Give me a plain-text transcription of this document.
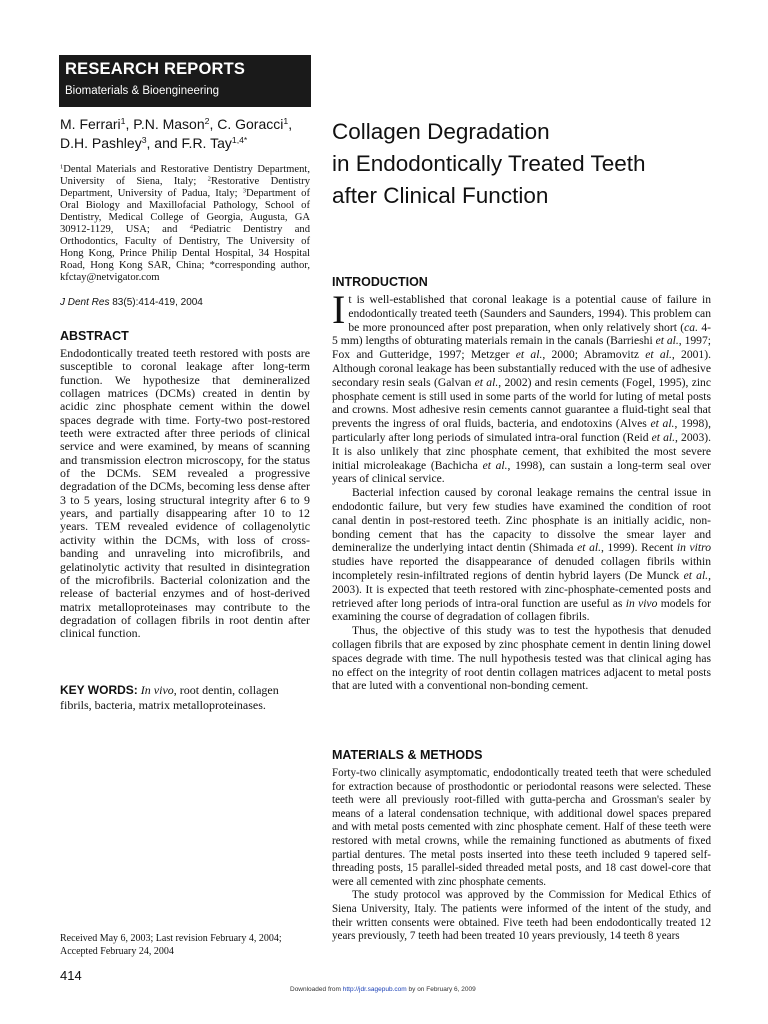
RESEARCH REPORTS
Biomaterials & Bioengineering
M. Ferrari$^1$, P.N. Mason$^2$, C. Goracci$^1$,
D.H. Pashley$^3$, and F.R. Tay$^{1,4*}$

$^1$Dental Materials and Restorative Dentistry Department, University of Siena, Italy; $^2$Restorative Dentistry Department, University of Padua, Italy; $^3$Department of Oral Biology and Maxillofacial Pathology, School of Dentistry, Medical College of Georgia, Augusta, GA 30912-1129, USA; and $^4$Pediatric Dentistry and Orthodontics, Faculty of Dentistry, The University of Hong Kong, Prince Philip Dental Hospital, 34 Hospital Road, Hong Kong SAR, China; *corresponding author, kfctay@netvigator.com

J Dent Res 83(5):414-419, 2004
ABSTRACT

Endodontically treated teeth restored with posts are susceptible to coronal leakage after long-term function. We hypothesize that demineralized collagen matrices (DCMs) created in dentin by acidic zinc phosphate cement within the dowel spaces degrade with time. Forty-two post-restored teeth were extracted after three periods of clinical service and were examined, by means of scanning and transmission electron microscopy, for the status of the DCMs. SEM revealed a progressive degradation of the DCMs, becoming less dense after 3 to 5 years, losing structural integrity after 6 to 9 years, and partially disappearing after 10 to 12 years. TEM revealed evidence of collagenolytic activity within the DCMs, with loss of cross-banding and unraveling into microfibrils, and gelatinolytic activity that resulted in disintegration of the microfibrils. Bacterial colonization and the release of bacterial enzymes and of host-derived matrix metalloproteinases may contribute to the degradation of collagen fibrils in root dentin after clinical function.

KEY WORDS: In vivo, root dentin, collagen fibrils, bacteria, matrix metalloproteinases.

Received May 6, 2003; Last revision February 4, 2004;

Accepted February 24, 2004

Collagen Degradation

in Endodontically Treated Teeth

after Clinical Function

INTRODUCTION

It is well-established that coronal leakage is a potential cause of failure in endodontically treated teeth (Saunders and Saunders, 1994). This problem can be more pronounced after post preparation, when only relatively short (ca. 4-5 mm) lengths of obturating materials remain in the canals (Barrieshi et al., 1997; Fox and Gutteridge, 1997; Metzger et al., 2000; Abramovitz et al., 2001). Although coronal leakage has been substantially reduced with the use of adhesive secondary resin seals (Galvan et al., 2002) and resin cements (Fogel, 1995), zinc phosphate cement is still used in some parts of the world for luting of metal posts and crowns. Most adhesive resin cements cannot guarantee a fluid-tight seal that prevents the ingress of oral fluids, bacteria, and endotoxins (Alves et al., 1998), particularly after long periods of simulated intra-oral function (Reid et al., 2003). It is also unlikely that zinc phosphate cement, that exhibited the most severe initial microleakage (Bachicha et al., 1998), can sustain a long-term seal over years of clinical service.

Bacterial infection caused by coronal leakage remains the central issue in endodontic failure, but very few studies have examined the condition of root canal dentin in post-restored teeth. Zinc phosphate is an initially acidic, non-bonding cement that has the capacity to dissolve the smear layer and demineralize the underlying intact dentin (Shimada et al., 1999). Recent in vitro studies have reported the disappearance of denuded collagen fibrils within incompletely resin-infiltrated regions of dentin hybrid layers (De Munck et al., 2003). It is expected that teeth restored with zinc-phosphate-cemented posts and retrieved after long periods of intra-oral function are useful as in vivo models for examining the course of degradation of collagen fibrils.

Thus, the objective of this study was to test the hypothesis that denuded collagen fibrils that are exposed by zinc phosphate cement in dentin lining dowel spaces degrade with time. The null hypothesis tested was that clinical aging has no effect on the integrity of root dentin collagen matrices adjacent to metal posts that are luted with a conventional non-bonding cement.

MATERIALS & METHODS

Forty-two clinically asymptomatic, endodontically treated teeth that were scheduled for extraction because of prosthodontic or periodontal reasons were selected. These teeth were all previously root-filled with gutta-percha and Grossman's sealer by means of a lateral condensation technique, with additional dowel spaces prepared and with metal posts cemented with zinc phosphate cement. Half of these teeth were restored with metal crowns, while the remaining functioned as abutments of fixed partial dentures. The metal posts inserted into these teeth included 9 tapered self-threading posts, 15 parallel-sided threaded metal posts, and 18 cast dowel-core that were all cemented with zinc phosphate cements.

The study protocol was approved by the Commission for Medical Ethics of Siena University, Italy. The patients were informed of the intent of the study, and their written consents were obtained. Five teeth had been endodontically treated 12 years previously, 7 teeth had been treated 10 years previously, 14 teeth 8 years

414
Downloaded from http://jdr.sagepub.com by on February 6, 2009
